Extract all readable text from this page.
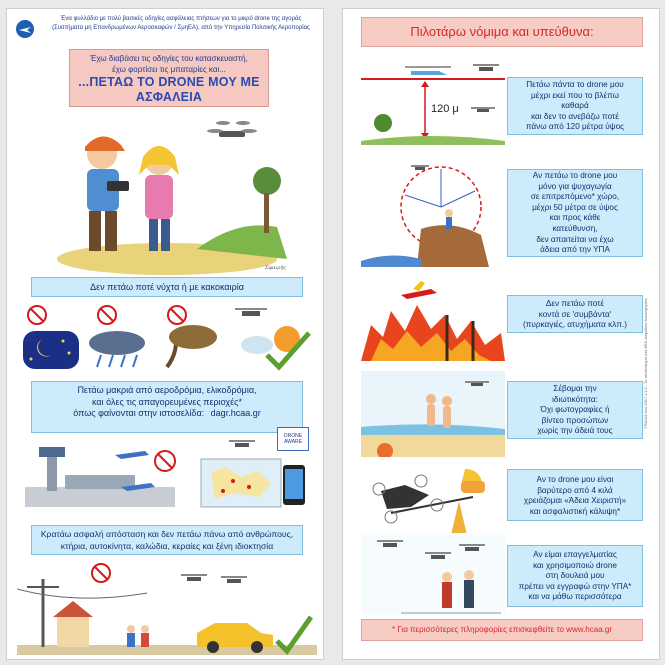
Ένα φυλλάδιο με πολύ βασικές οδηγίες ασφάλειας πτήσεων για το μικρό drone της αγοράς
(Συστήματα μη Επανδρωμένων Αεροσκαφών / ΣμηΕΑ), από την Υπηρεσία Πολιτικής Αεροπορίας
Έχω διαβάσει τις οδηγίες του κατασκευαστή,
έχω φορτίσει τις μπαταρίες και...
...ΠΕΤΑΩ ΤΟ DRONE ΜΟΥ ΜΕ
ΑΣΦΑΛΕΙΑ
Σφαιρής
Δεν πετάω ποτέ νύχτα ή με κακοκαιρία
Πετάω μακριά από αεροδρόμια, ελικοδρόμια,
και όλες τις απαγορευμένες περιοχές*
όπως φαίνονται στην ιστοσελίδα: dagr.hcaa.gr
DRONE AWARE
Κρατάω ασφαλή απόσταση και δεν πετάω πάνω από ανθρώπους,
κτήρια, αυτοκίνητα, καλώδια, κεραίες και ξένη ιδιοκτησία
Πιλοτάρω νόμιμα και υπεύθυνα:
120 μ
Πετάω πάντα το drone μου
μέχρι εκεί που το βλέπω
καθαρά
και δεν το ανεβάζω ποτέ
πάνω από 120 μέτρα ύψος
Αν πετάω το drone μου
μόνο για ψυχαγωγία
σε επιτρεπόμενο* χώρο,
μέχρι 50 μέτρα σε ύψος
και προς κάθε
κατεύθυνση,
δεν απαιτείται να έχω
άδεια από την ΥΠΑ
Δεν πετάω ποτέ
κοντά σε 'συμβάντα'
(πυρκαγιές, ατυχήματα κλπ.)
Σέβομαι την
ιδιωτικότητα:
Όχι φωτογραφίες ή
βίντεο προσώπων
χωρίς την άδειά τους
Αν το drone μου είναι
βαρύτερο από 4 κιλά
χρειάζομαι «Άδεια Χειριστή»
και ασφαλιστική κάλυψη*
Αν είμαι επαγγελματίας
και χρησιμοποιώ drone
στη δουλειά μου
πρέπει να εγγραφώ στην ΥΠΑ*
και να μάθω περισσότερα
* Για περισσότερες πληροφορίες επισκεφθείτε το www.hcaa.gr
ΥΠΑ/Δ4 Νοε 2017 v.1.0 - Το αποτύπωμα στο EEA Ασφάλεια Κυκλοφορίας
